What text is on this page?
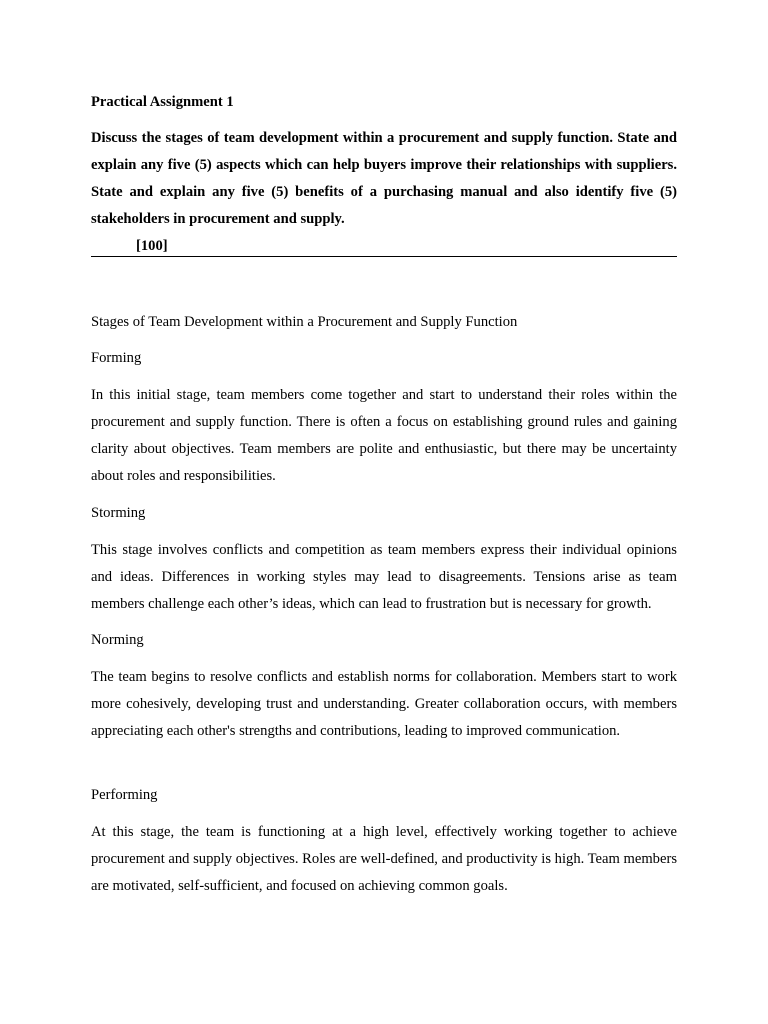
Practical Assignment 1

Discuss the stages of team development within a procurement and supply function. State and explain any five (5) aspects which can help buyers improve their relationships with suppliers. State and explain any five (5) benefits of a purchasing manual and also identify five (5) stakeholders in procurement and supply.

[100]

Stages of Team Development within a Procurement and Supply Function

Forming

In this initial stage, team members come together and start to understand their roles within the procurement and supply function. There is often a focus on establishing ground rules and gaining clarity about objectives. Team members are polite and enthusiastic, but there may be uncertainty about roles and responsibilities.

Storming

This stage involves conflicts and competition as team members express their individual opinions and ideas. Differences in working styles may lead to disagreements. Tensions arise as team members challenge each other’s ideas, which can lead to frustration but is necessary for growth.

Norming

The team begins to resolve conflicts and establish norms for collaboration. Members start to work more cohesively, developing trust and understanding. Greater collaboration occurs, with members appreciating each other's strengths and contributions, leading to improved communication.

Performing

At this stage, the team is functioning at a high level, effectively working together to achieve procurement and supply objectives. Roles are well-defined, and productivity is high. Team members are motivated, self-sufficient, and focused on achieving common goals.
